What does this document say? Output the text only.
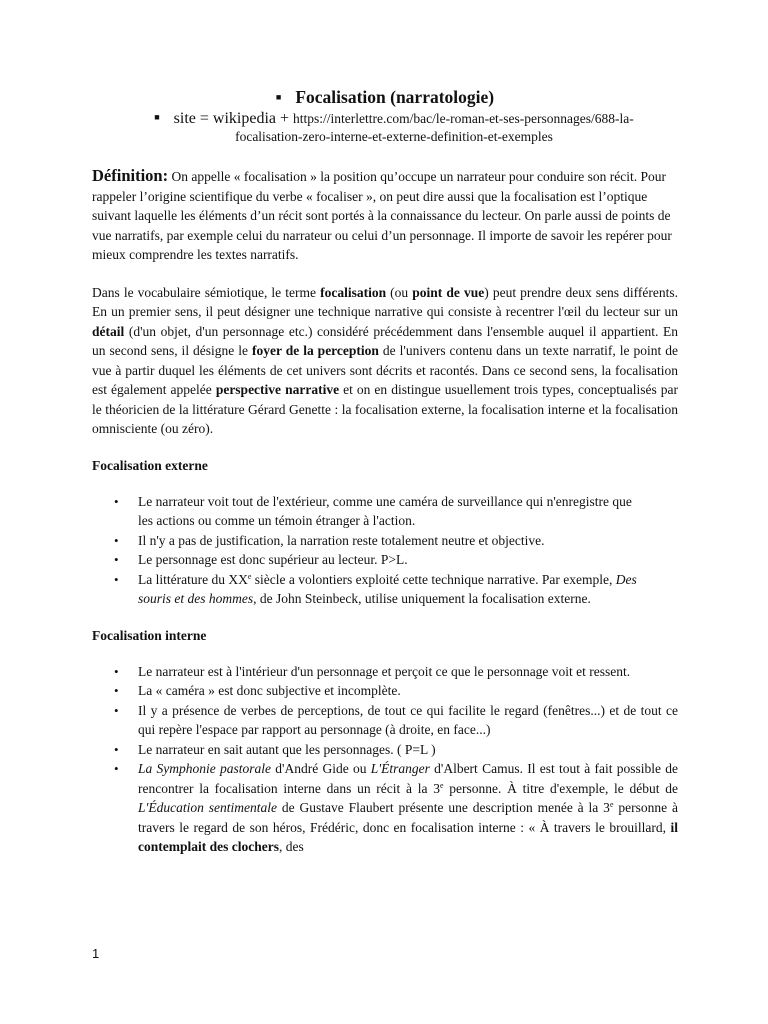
■ Focalisation (narratologie)
■ site = wikipedia + https://interlettre.com/bac/le-roman-et-ses-personnages/688-la-
focalisation-zero-interne-et-externe-definition-et-exemples
Définition: On appelle « focalisation » la position qu’occupe un narrateur pour conduire son récit. Pour rappeler l’origine scientifique du verbe « focaliser », on peut dire aussi que la focalisation est l’optique suivant laquelle les éléments d’un récit sont portés à la connaissance du lecteur. On parle aussi de points de vue narratifs, par exemple celui du narrateur ou celui d’un personnage. Il importe de savoir les repérer pour mieux comprendre les textes narratifs.
Dans le vocabulaire sémiotique, le terme focalisation (ou point de vue) peut prendre deux sens différents. En un premier sens, il peut désigner une technique narrative qui consiste à recentrer l'œil du lecteur sur un détail (d'un objet, d'un personnage etc.) considéré précédemment dans l'ensemble auquel il appartient. En un second sens, il désigne le foyer de la perception de l'univers contenu dans un texte narratif, le point de vue à partir duquel les éléments de cet univers sont décrits et racontés. Dans ce second sens, la focalisation est également appelée perspective narrative et on en distingue usuellement trois types, conceptualisés par le théoricien de la littérature Gérard Genette : la focalisation externe, la focalisation interne et la focalisation omnisciente (ou zéro).
Focalisation externe
• Le narrateur voit tout de l'extérieur, comme une caméra de surveillance qui n'enregistre que les actions ou comme un témoin étranger à l'action.
• Il n'y a pas de justification, la narration reste totalement neutre et objective.
• Le personnage est donc supérieur au lecteur. P>L.
• La littérature du XXe siècle a volontiers exploité cette technique narrative. Par exemple, Des souris et des hommes, de John Steinbeck, utilise uniquement la focalisation externe.
Focalisation interne
• Le narrateur est à l'intérieur d'un personnage et perçoit ce que le personnage voit et ressent.
• La « caméra » est donc subjective et incomplète.
• Il y a présence de verbes de perceptions, de tout ce qui facilite le regard (fenêtres...) et de tout ce qui repère l'espace par rapport au personnage (à droite, en face...)
• Le narrateur en sait autant que les personnages. ( P=L )
• La Symphonie pastorale d'André Gide ou L'Étranger d'Albert Camus. Il est tout à fait possible de rencontrer la focalisation interne dans un récit à la 3e personne. À titre d'exemple, le début de L'Éducation sentimentale de Gustave Flaubert présente une description menée à la 3e personne à travers le regard de son héros, Frédéric, donc en focalisation interne : « À travers le brouillard, il contemplait des clochers, des
1
